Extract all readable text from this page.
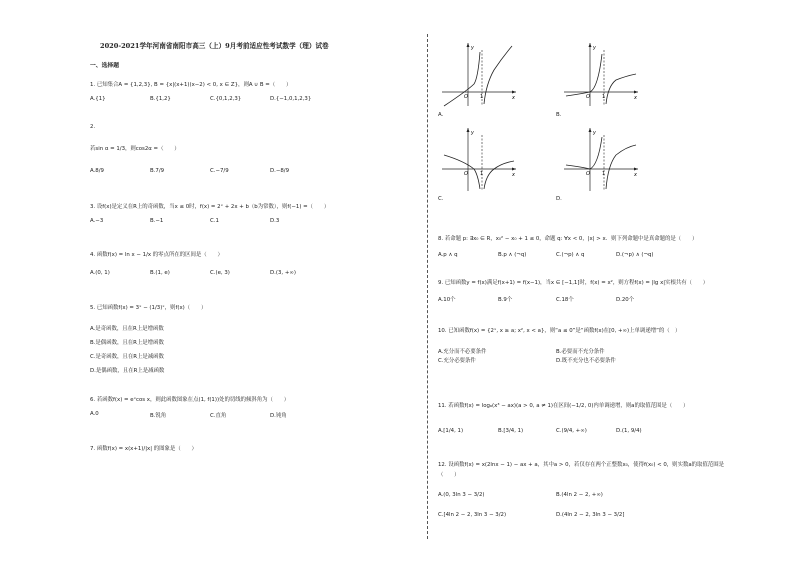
2020-2021学年河南省南阳市高三（上）9月考前适应性考试数学（理）试卷
一、选择题
1. 已知集合A = {1,2,3}, B = {x|(x+1)(x−2) < 0, x ∈ Z}，则A ∪ B =（　　）
A.{1}	B.{1,2}	C.{0,1,2,3}	D.{−1,0,1,2,3}
2.
若sin α = 1/3，则cos2α =（　　）
A.8/9	B.7/9	C.−7/9	D.−8/9
3. 设f(x)是定义在R上的奇函数，当x ≤ 0时，f(x) = 2ˣ + 2x + b（b为常数），则f(−1) =（　　）
A.−3	B.−1	C.1	D.3
4. 函数f(x) = ln x − 1/x 的零点所在的区间是（　　）
A.(0, 1)	B.(1, e)	C.(e, 3)	D.(3, +∞)
5. 已知函数f(x) = 3ˣ − (1/3)ˣ，则f(x)（　　）
A.是奇函数，且在R上是增函数
B.是偶函数，且在R上是增函数
C.是奇函数，且在R上是减函数
D.是偶函数，且在R上是减函数
6. 若函数f(x) = eˣcos x，则此函数图象在点(1, f(1))处的切线的倾斜角为（　　）
A.0	B.锐角	C.直角	D.钝角
7. 函数f(x) = x(x+1)/|x| 的图象是（　　）
O 1	x
y
A.
O 1	x
y
B.
O 1	x
y
C.
O 1	x
y
D.
8. 若命题 p: ∃x₀ ∈ R，x₀² − x₀ + 1 ≤ 0，命题 q: ∀x < 0，|x| > x．则下列命题中是真命题的是（　　）
A.p ∧ q	B.p ∧ (¬q)	C.(¬p) ∧ q	D.(¬p) ∧ (¬q)
9. 已知函数y = f(x)满足f(x+1) = f(x−1)，当x ∈ [−1,1]时，f(x) = x²，则方程f(x) = |lg x|实根共有（　　）
A.10个	B.9个	C.18个	D.20个
10. 已知函数f(x) = {2ˣ, x ≥ a; x², x < a}，则“a ≤ 0”是“函数f(x)在[0, +∞)上单调递增”的（　）
A.充分而不必要条件	B.必要而不充分条件
C.充分必要条件	D.既不充分也不必要条件
11. 若函数f(x) = logₐ(x³ − ax)(a > 0, a ≠ 1)在区间(−1/2, 0)内单调递增，则a的取值范围是（　　）
A.[1/4, 1)	B.[3/4, 1)	C.(9/4, +∞)	D.(1, 9/4)
12. 设函数f(x) = x(2lnx − 1) − ax + a，其中a > 0，若仅存在两个正整数x₀，使得f(x₀) < 0，则实数a的取值范围是
（　　）
A.(0, 3ln 3 − 3/2)	B.(4ln 2 − 2, +∞)
C.[4ln 2 − 2, 3ln 3 − 3/2)	D.(4ln 2 − 2, 3ln 3 − 3/2]
